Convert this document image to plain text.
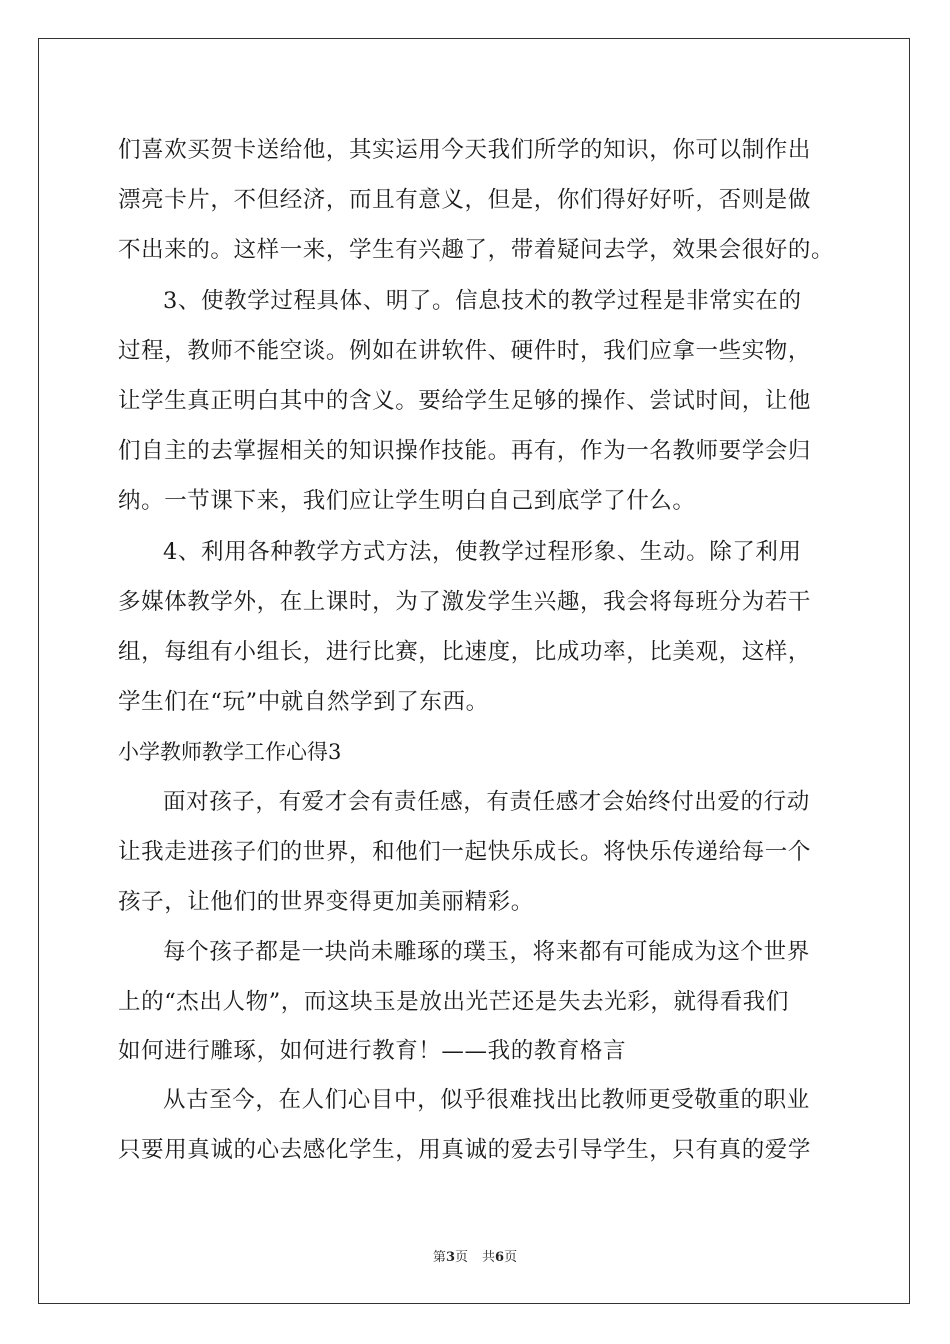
们喜欢买贺卡送给他，其实运用今天我们所学的知识，你可以制作出
漂亮卡片，不但经济，而且有意义，但是，你们得好好听，否则是做
不出来的。这样一来，学生有兴趣了，带着疑问去学，效果会很好的。
3、使教学过程具体、明了。信息技术的教学过程是非常实在的
过程，教师不能空谈。例如在讲软件、硬件时，我们应拿一些实物，
让学生真正明白其中的含义。要给学生足够的操作、尝试时间，让他
们自主的去掌握相关的知识操作技能。再有，作为一名教师要学会归
纳。一节课下来，我们应让学生明白自己到底学了什么。
4、利用各种教学方式方法，使教学过程形象、生动。除了利用
多媒体教学外，在上课时，为了激发学生兴趣，我会将每班分为若干
组，每组有小组长，进行比赛，比速度，比成功率，比美观，这样，
学生们在“玩”中就自然学到了东西。
小学教师教学工作心得3
面对孩子，有爱才会有责任感，有责任感才会始终付出爱的行动
让我走进孩子们的世界，和他们一起快乐成长。将快乐传递给每一个
孩子，让他们的世界变得更加美丽精彩。
每个孩子都是一块尚未雕琢的璞玉，将来都有可能成为这个世界
上的“杰出人物”，而这块玉是放出光芒还是失去光彩，就得看我们
如何进行雕琢，如何进行教育！——我的教育格言
从古至今，在人们心目中，似乎很难找出比教师更受敬重的职业
只要用真诚的心去感化学生，用真诚的爱去引导学生，只有真的爱学
第3页 共6页
